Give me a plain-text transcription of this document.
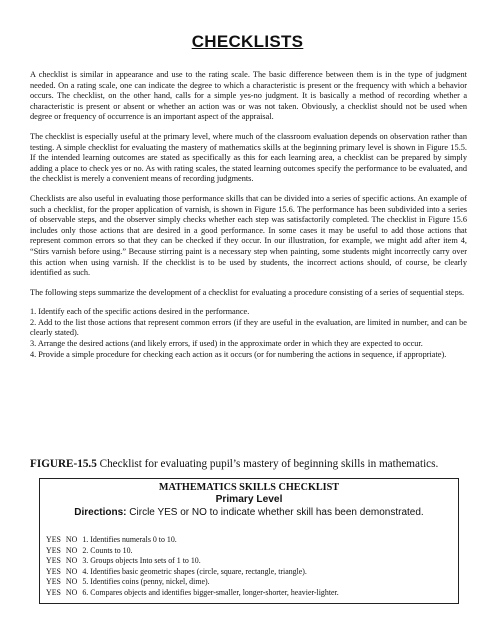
CHECKLISTS

A checklist is similar in appearance and use to the rating scale. The basic difference between them is in the type of judgment needed. On a rating scale, one can indicate the degree to which a characteristic is present or the frequency with which a behavior occurs. The checklist, on the other hand, calls for a simple yes-no judgment. It is basically a method of recording whether a characteristic is present or absent or whether an action was or was not taken. Obviously, a checklist should not be used when degree or frequency of occurrence is an important aspect of the appraisal.

The checklist is especially useful at the primary level, where much of the classroom evaluation depends on observation rather than testing. A simple checklist for evaluating the mastery of mathematics skills at the beginning primary level is shown in Figure 15.5. If the intended learning outcomes are stated as specifically as this for each learning area, a checklist can be prepared by simply adding a place to check yes or no. As with rating scales, the stated learning outcomes specify the performance to be evaluated, and the checklist is merely a convenient means of recording judgments.

Checklists are also useful in evaluating those performance skills that can be divided into a series of specific actions. An example of such a checklist, for the proper application of varnish, is shown in Figure 15.6. The performance has been subdivided into a series of observable steps, and the observer simply checks whether each step was satisfactorily completed. The checklist in Figure 15.6 includes only those actions that are desired in a good performance. In some cases it may be useful to add those actions that represent common errors so that they can be checked if they occur. In our illustration, for example, we might add after item 4, “Stirs varnish before using.” Because stirring paint is a necessary step when painting, some students might incorrectly carry over this action when using varnish. If the checklist is to be used by students, the incorrect actions should, of course, be clearly identified as such.

The following steps summarize the development of a checklist for evaluating a procedure consisting of a series of sequential steps.

1. Identify each of the specific actions desired in the performance.
2. Add to the list those actions that represent common errors (if they are useful in the evaluation, are limited in number, and can be clearly stated).
3. Arrange the desired actions (and likely errors, if used) in the approximate order in which they are expected to occur.
4. Provide a simple procedure for checking each action as it occurs (or for numbering the actions in sequence, if appropriate).
FIGURE-15.5 Checklist for evaluating pupil’s mastery of beginning skills in mathematics.
MATHEMATICS SKILLS CHECKLIST
Primary Level
Directions: Circle YES or NO to indicate whether skill has been demonstrated.
YES NO 1. Identifies numerals 0 to 10.
YES NO 2. Counts to 10.
YES NO 3. Groups objects Into sets of 1 to 10.
YES NO 4. Identifies basic geometric shapes (circle, square, rectangle, triangle).
YES NO 5. Identifies coins (penny, nickel, dime).
YES NO 6. Compares objects and identifies bigger-smaller, longer-shorter, heavier-lighter.
